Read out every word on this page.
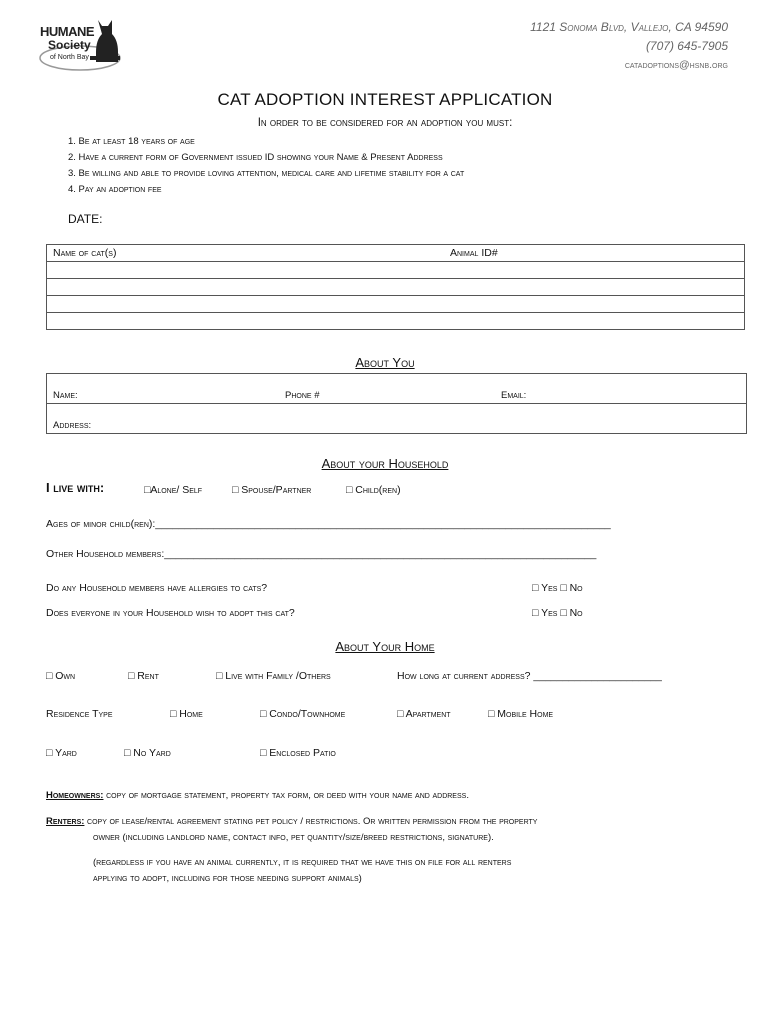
HUMANE
Society
of North Bay
1121 Sonoma Blvd, Vallejo, CA 94590
(707) 645-7905
catadoptions@hsnb.org
CAT ADOPTION INTEREST APPLICATION
In order to be considered for an adoption you must:
1. Be at least 18 years of age
2. Have a current form of Government issued ID showing your Name & Present Address
3. Be willing and able to provide loving attention, medical care and lifetime stability for a cat
4. Pay an adoption fee
DATE:
Name of cat(s)	Animal ID#

About You
Name:	Phone #	Email:
Address:
About your Household
I live with:	□Alone/ Self	□ Spouse/Partner	□ Child(ren)
Ages of minor child(ren):______________________________________________________________________________
Other Household members:__________________________________________________________________________
Do any Household members have allergies to cats?	□ Yes □ No
Does everyone in your Household wish to adopt this cat?	□ Yes □ No
About Your Home
□ Own	□ Rent	□ Live with Family /Others	How long at current address? ______________________
Residence Type	□ Home	□ Condo/Townhome	□ Apartment	□ Mobile Home
□ Yard	□ No Yard	□ Enclosed Patio
Homeowners: copy of mortgage statement, property tax form, or deed with your name and address.
Renters: copy of lease/rental agreement stating pet policy / restrictions. Or written permission from the property
owner (including landlord name, contact info, pet quantity/size/breed restrictions, signature).
(regardless if you have an animal currently, it is required that we have this on file for all renters
applying to adopt, including for those needing support animals)
